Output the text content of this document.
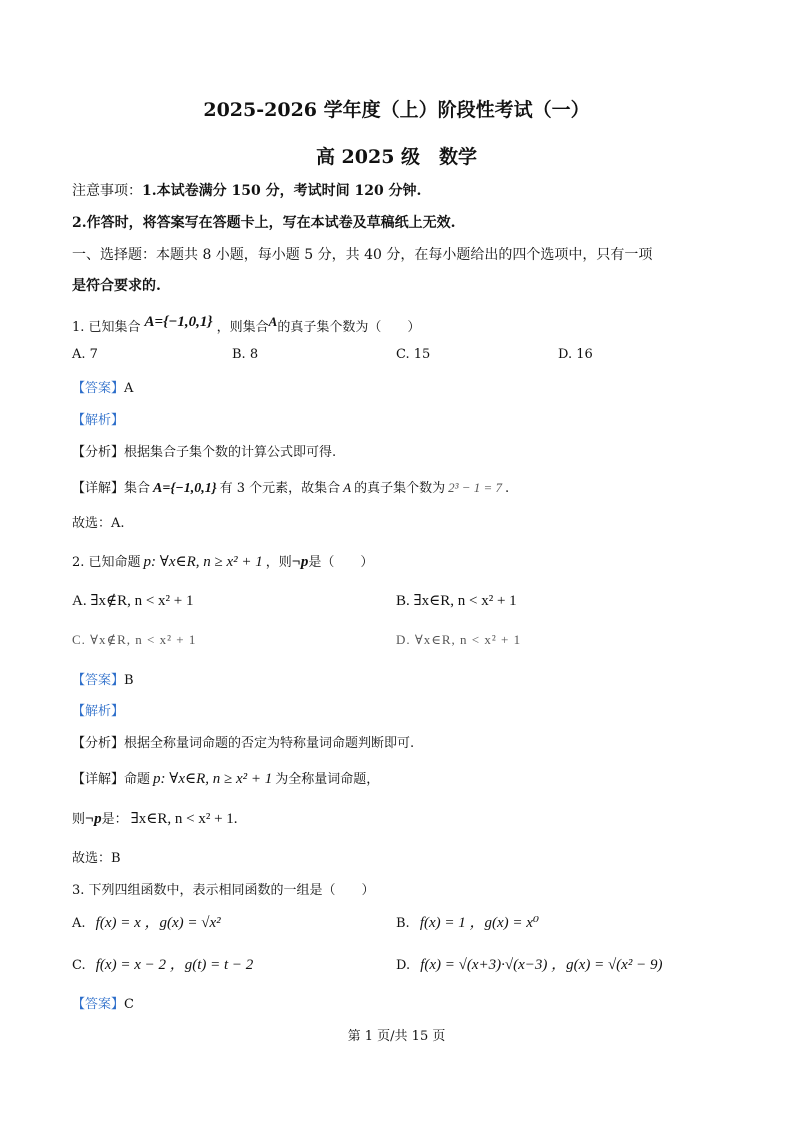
2025-2026 学年度（上）阶段性考试（一）
高 2025 级　数学
注意事项：1.本试卷满分 150 分，考试时间 120 分钟.
2.作答时，将答案写在答题卡上，写在本试卷及草稿纸上无效.
一、选择题：本题共 8 小题，每小题 5 分，共 40 分，在每小题给出的四个选项中，只有一项
是符合要求的.
1. 已知集合 A={−1,0,1} ，则集合A的真子集个数为（　　）
A. 7	B. 8	C. 15	D. 16
【答案】A
【解析】
【分析】根据集合子集个数的计算公式即可得.
【详解】集合 A={−1,0,1} 有 3 个元素，故集合 A 的真子集个数为 2³ − 1 = 7 .
故选：A.
2. 已知命题 p: ∀x∈R, n ≥ x² + 1 ，则¬p是（　　）
A. ∃x∉R, n < x² + 1	B. ∃x∈R, n < x² + 1
C. ∀x∉R, n < x² + 1	D. ∀x∈R, n < x² + 1
【答案】B
【解析】
【分析】根据全称量词命题的否定为特称量词命题判断即可.
【详解】命题 p: ∀x∈R, n ≥ x² + 1 为全称量词命题，
则¬p是： ∃x∈R, n < x² + 1.
故选：B
3. 下列四组函数中，表示相同函数的一组是（　　）
A. f(x) = x ，g(x) = √x²	B. f(x) = 1 ，g(x) = x⁰
C. f(x) = x − 2 ，g(t) = t − 2	D. f(x) = √(x+3)·√(x−3) ，g(x) = √(x² − 9)
【答案】C
第 1 页/共 15 页
